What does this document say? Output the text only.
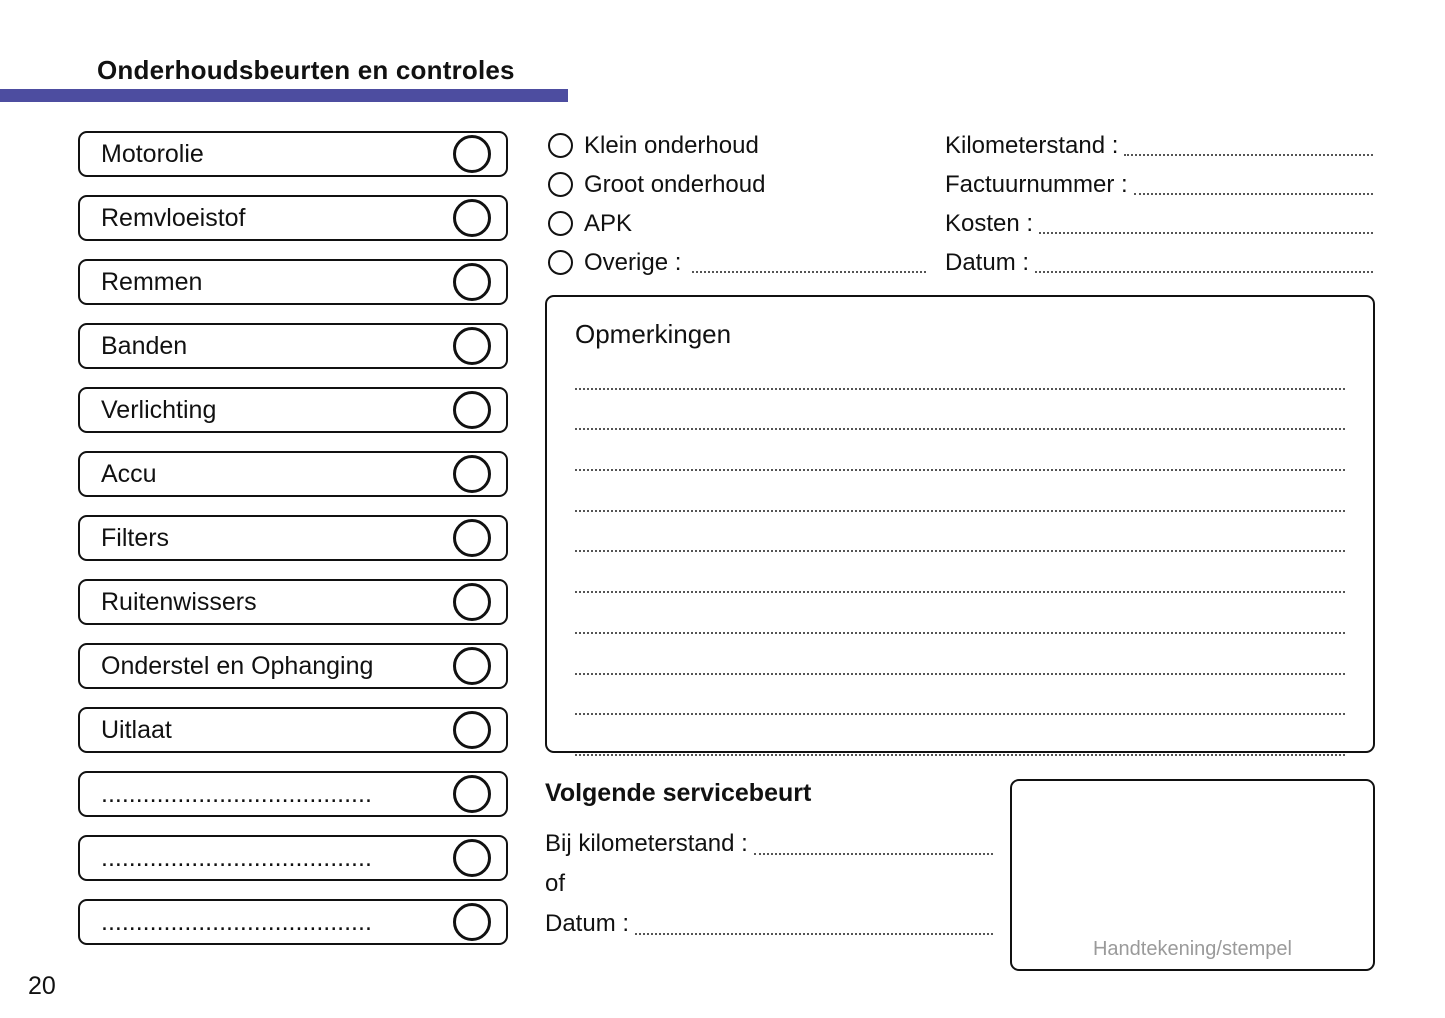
Onderhoudsbeurten en controles
Motorolie
Remvloeistof
Remmen
Banden
Verlichting
Accu
Filters
Ruitenwissers
Onderstel en Ophanging
Uitlaat
.......................................
.......................................
.......................................
Klein onderhoud
Groot onderhoud
APK
Overige :
Kilometerstand :
Factuurnummer :
Kosten :
Datum :
Opmerkingen
Volgende servicebeurt
Bij kilometerstand :
of
Datum :
Handtekening/stempel
20
